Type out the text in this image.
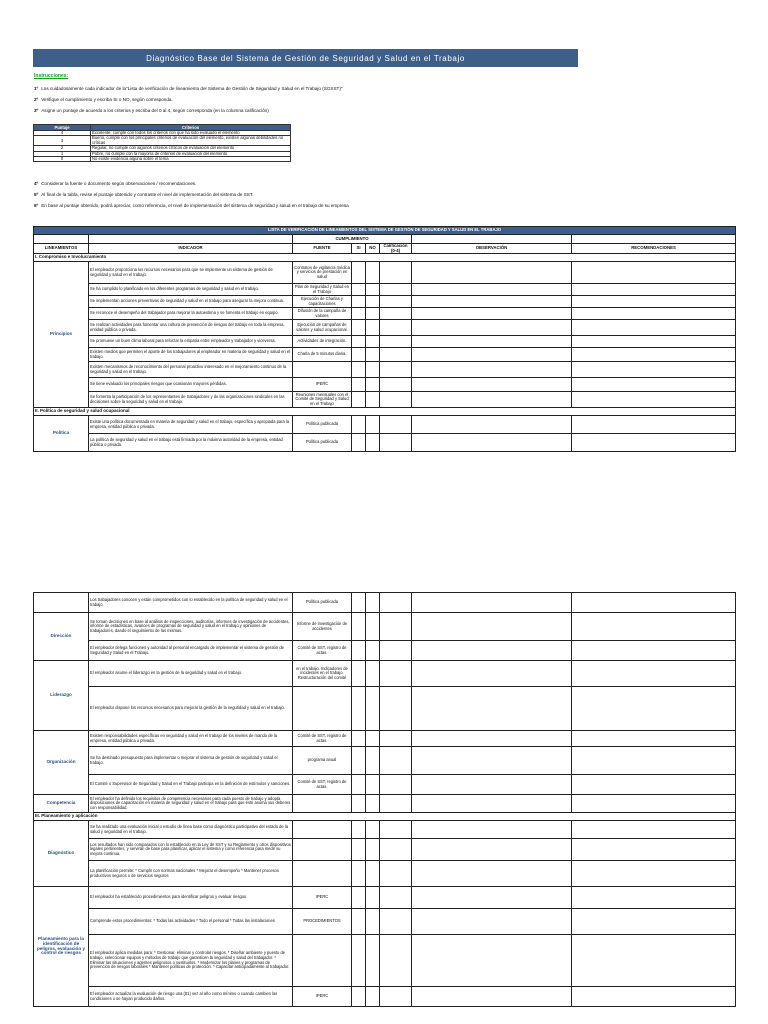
Diagnóstico Base del Sistema de Gestión de Seguridad y Salud en el Trabajo
Instrucciones:
1º Los cuidadosamente cada indicador de la"Lista de verificación de lineamiento del Sistema de Gestión de Seguridad y Salud en el Trabajo (SGSST)"
2º Verifique el cumplimiento y escriba SI o NO, según corresponda.
3º Asigne un puntaje de acuerdo a los criterios y escriba del 0 al 4, según corresponda (en la columna calificación)
Puntaje	Criterios
4	Excelente, cumple con todos los criterios con que ha sido evaluado el elemento
3	Bueno, cumple con los principales criterios de evaluación del elemento, existen algunas debilidades no críticas
2	Regular, no cumple con algunos criterios críticos de evaluación del elemento
1	Pobre, no cumple con la mayoría de criterios de evaluación del elemento
0	No existe evidencia alguna sobre el tema
4º Considerar la fuente o documento según observaciones / recomendaciones.
5º Al final de la tabla, revise el puntaje obtenido y contraste el nivel de implementación del sistema de SST.
6º En base al puntaje obtenido, podrá apreciar, como referencia, el nivel de implementación del sistema de seguridad y salud en el trabajo de su empresa
LISTA DE VERIFICACIÓN DE LINEAMIENTOS DEL SISTEMA DE GESTIÓN DE SEGURIDAD Y SALUD EN EL TRABAJO							
		CUMPLIMIENTO					
LINEAMIENTOS	INDICADOR	FUENTE	SI	NO	Calificación (0-4)	OBSERVACIÓN	RECOMENDACIONES
I. Compromiso e Involucramiento							
Principios	El empleador proporciona los recursos necesarios para que se implemente un sistema de gestión de seguridad y salud en el trabajo.	Contratos de vigilancia médica y servicios de prestación en salud					
	Se ha cumplido lo planificado en los diferentes programas de seguridad y salud en el trabajo.	Plan de Seguridad y Salud en el Trabajo					
	Se implementan acciones preventivas de seguridad y salud en el trabajo para asegurar la mejora continua.	Ejecución de Charlas y capacitaciones					
	Se reconoce el desempeño del trabajador para mejorar la autoestima y se fomenta el trabajo en equipo.	Difusión de la campaña de valores					
	Se realizan actividades para fomentar una cultura de prevención de riesgos del trabajo en toda la empresa, entidad pública o privada.	Ejecución de campañas de valores y salud ocupacional.					
	Se promueve un buen clima laboral para reforzar la empatía entre empleador y trabajador y viceversa.	Actividades de integración.					
	Existen medios que permiten el aporte de los trabajadores al empleador en materia de seguridad y salud en el trabajo.	Charla de 5 minutos diaria.					
	Existen mecanismos de reconocimiento del personal proactivo interesado en el mejoramiento continuo de la seguridad y salud en el trabajo.						
	Se tiene evaluado los principales riesgos que ocasionan mayores pérdidas.	IPERC					
	Se fomenta la participación de los representantes de trabajadores y de las organizaciones sindicales en las decisiones sobre la seguridad y salud en el trabajo.	Reuniones mensuales con el Comité de Seguridad y Salud en el Trabajo					
II. Política de seguridad y salud ocupacional							
Política	Existe una política documentada en materia de seguridad y salud en el trabajo, específica y apropiada para la empresa, entidad pública o privada.	Política publicada					
	La política de seguridad y salud en el trabajo está firmada por la máxima autoridad de la empresa, entidad pública o privada.	Política publicada					
	Los trabajadores conocen y están comprometidos con lo establecido en la política de seguridad y salud en el trabajo.	Política publicada					
Dirección	Se toman decisiones en base al análisis de inspecciones, auditorías, informes de investigación de accidentes, informe de estadísticas, avances de programas de seguridad y salud en el trabajo y opiniones de trabajadores, dando el seguimiento de las mismas.	Informe de investigación de accidentes					
	El empleador delega funciones y autoridad al personal encargado de implementar el sistema de gestión de Seguridad y Salud en el Trabajo.	Comité de SST, registro de actas.					
Liderazgo	El empleador asume el liderazgo en la gestión de la seguridad y salud en el trabajo.	en el trabajo. Indicadores de incidentes en el trabajo. Restructuración del comité					
	El empleador dispone los recursos necesarios para mejorar la gestión de la seguridad y salud en el trabajo.						
Organización	Existen responsabilidades específicas en seguridad y salud en el trabajo de los niveles de mando de la empresa, entidad pública o privada.	Comité de SST, registro de actas.					
	Se ha destinado presupuesto para implementar o mejorar el sistema de gestión de seguridad y salud el trabajo.	programa anual					
	El Comité o Supervisor de Seguridad y Salud en el Trabajo participa en la definición de estímulos y sanciones.	Comité de SST, registro de actas.					
Competencia	El empleador ha definido los requisitos de competencia necesarios para cada puesto de trabajo y adopta disposiciones de capacitación en materia de seguridad y salud en el trabajo para que éste asuma sus deberes con responsabilidad.						
III. Planeamiento y aplicación							
Diagnóstico	Se ha realizado una evaluación inicial o estudio de línea base como diagnóstico participativo del estado de la salud y seguridad en el trabajo.						
	Los resultados han sido comparados con lo establecido en la Ley de SST y su Reglamento y otros dispositivos legales pertinentes, y servirán de base para planificar, aplicar el sistema y como referencia para medir su mejora continua.						
	La planificación permite: * Cumplir con normas nacionales * Mejorar el desempeño * Mantener procesos productivos seguros o de servicios seguros						
Planeamiento para la identificación de peligros, evaluación y control de riesgos	El empleador ha establecido procedimientos para identificar peligros y evaluar riesgos.	IPERC					
	Comprende estos procedimientos: * Todas las actividades * Todo el personal * Todas las instalaciones	PROCEDIMIENTOS					
	El empleador aplica medidas para: * Gestionar, eliminar y controlar riesgos. * Diseñar ambiente y puesto de trabajo, seleccionar equipos y métodos de trabajo que garanticen la seguridad y salud del trabajador. * Eliminar las situaciones y agentes peligrosos o sustituirlos. * Modernizar los planes y programas de prevención de riesgos laborales * Mantener políticas de protección. * Capacitar anticipadamente al trabajador.						
	El empleador actualiza la evaluación de riesgo una (01) vez al año como mínimo o cuando cambien las condiciones o se hayan producido daños.	IPERC					
